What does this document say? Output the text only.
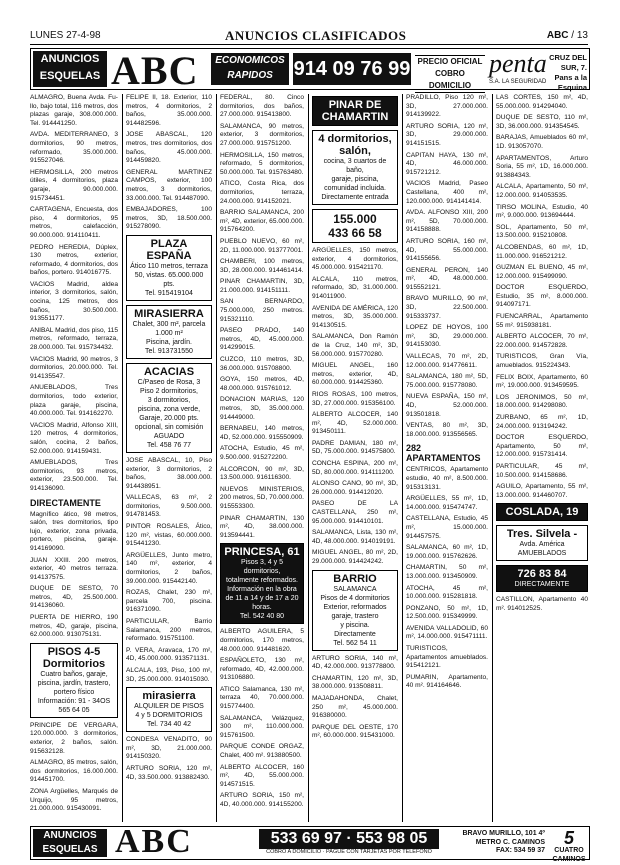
LUNES 27-4-98	ANUNCIOS CLASIFICADOS	ABC / 13
ANUNCIOS
ESQUELAS ABC	ECONOMICOS
RAPIDOS	914 09 76 99 PRECIO OFICIAL
COBRO DOMICILIO
penta
S.A. LA SEGURIDAD
CRUZ DEL SUR, 7.
Pans a la Esquina
ALMAGRO, Buena Avda. Fu- llo, bajo total, 116 metros, dos plazas garaje, 308.000.000. Tel. 914441250.
AVDA. MEDITERRANEO, 3 dormitorios, 90 metros, reformado, 35.000.000. 915527046.
HERMOSILLA, 200 metros útiles, 4 dormitorios, plaza garaje, 90.000.000. 915734451.
CARTAGENA, Encuesta, dos piso, 4 dormitorios, 95 metros, calefacción, 90.000.000. 914110411.
PEDRO HEREDIA, Dúplex, 130 metros, exterior, reformado, 4 dormitorios, dos baños, portero. 914016775.
VACIOS Madrid, aldea interior, 3 dormitorios, salón, cocina, 125 metros, dos baños, 30.500.000. 913551177.
ANIBAL Madrid, dos piso, 115 metros, reformado, terraza, 28.000.000. Tel. 915734432.
VACIOS Madrid, 90 metros, 3 dormitorios, 20.000.000. Tel. 914135547.
ANUEBLADOS, Tres dormitorios, todo exterior, plaza garaje, piscina, 40.000.000. Tel. 914162270.
VACIOS Madrid, Alfonso XIII, 120 metros, 4 dormitorios, salón, cocina, 2 baños, 52.000.000. 914159431.
AMUEBLADOS, Tres dormitorios, 93 metros, exterior, 23.500.000. Tel. 914136090.
DIRECTAMENTE
Magnífico ático, 98 metros, salón, tres dormitorios, tipo lujo, exterior, zona privada, portero, piscina, garaje. 914169090.
JUAN XXIII. 200 metros, exterior, 40 metros terraza. 914137575.
DUQUE DE SESTO, 70 metros, 4D, 25.500.000. 914136060.
PUERTA DE HIERRO, 190 metros, 4D, garaje, piscina, 62.000.000. 913075131.
PISOS 4-5 Dormitorios
Cuatro baños, garaje, piscina, jardín, trastero, portero físico
Información: 91 - 34OS
565 64 05
PRINCIPE DE VERGARA, 120.000.000. 3 dormitorios, exterior, 2 baños, salón. 915632128.
ALMAGRO, 85 metros, salón, dos dormitorios, 16.000.000. 914451700.
ZONA Argüelles, Marqués de Urquijo, 95 metros, 21.000.000. 915430091.
FELIPE II, 18. Exterior, 110 metros, 4 dormitorios, 2 baños, 35.000.000. 914482596.
JOSE ABASCAL, 120 metros, tres dormitorios, dos baños, 45.000.000. 914459820.
GENERAL MARTINEZ CAMPOS, exterior, 100 metros, 3 dormitorios, 33.000.000. Tel. 914487090.
EMBAJADORES, 100 metros, 3D, 18.500.000. 915278090.
PLAZA ESPAÑA
Ático 110 metros, terraza 50, vistas. 65.000.000 pts.
Tel. 915419104
MIRASIERRA
Chalet, 300 m², parcela 1.000 m²
Piscina, jardín.
Tel. 913731550
ACACIAS
C/Paseo de Rosa, 3
Piso 2 dormitorios,
3 dormitorios,
piscina, zona verde,
Garaje, 20.000 pts.
opcional, sin comisión
AGUADO
Tel. 458 76 77
JOSE ABASCAL, 10, Piso exterior, 3 dormitorios, 2 baños, 38.000.000. 914438951.
VALLECAS, 63 m², 2 dormitorios, 9.500.000. 914781453.
PINTOR ROSALES, Ático, 120 m², vistas, 60.000.000. 915441230.
ARGÜELLES, Junto metro, 140 m², exterior, 4 dormitorios, 2 baños, 39.000.000. 915442140.
ROZAS, Chalet, 230 m², parcela 700, piscina. 916371090.
PARTICULAR, Barrio Salamanca, 200 metros, reformado. 915751100.
P. VERA, Aravaca, 170 m², 4D, 45.000.000. 913571131.
ALCALA, 193, Piso, 100 m², 3D, 25.000.000. 914015030.
mirasierra
ALQUILER DE PISOS
4 y 5 DORMITORIOS
Tel. 734 40 42
CONDESA VENADITO, 90 m², 3D, 21.000.000. 914150320.
ARTURO SORIA, 120 m², 4D, 33.500.000. 913882430.
FEDERAL, 80. Cinco dormitorios, dos baños, 27.000.000. 915413800.
SALAMANCA, 90 metros, exterior, 3 dormitorios, 27.000.000. 915751200.
HERMOSILLA, 150 metros, reformado, 5 dormitorios, 50.000.000. Tel. 915763480.
ATICO, Costa Rica, dos dormitorios, terraza, 24.000.000. 914152021.
BARRIO SALAMANCA, 200 m², 4D, exterior, 65.000.000. 915764200.
PUEBLO NUEVO, 60 m², 2D, 11.000.000. 913777001.
CHAMBERI, 100 metros, 3D, 28.000.000. 914461414.
PINAR CHAMARTIN, 3D, 21.000.000. 914151111.
SAN BERNARDO, 75.000.000, 250 metros. 915321110.
PASEO PRADO, 140 metros, 4D, 45.000.000. 914299015.
CUZCO, 110 metros, 3D, 36.000.000. 915708800.
GOYA, 150 metros, 4D, 48.000.000. 915761012.
DONACION MARIAS, 120 metros, 3D, 35.000.000. 914449000.
BERNABEU, 140 metros, 4D, 52.000.000. 915550909.
ATOCHA, Estudio, 45 m², 9.500.000. 915272200.
ALCORCON, 90 m², 3D, 13.500.000. 916116300.
NUEVOS MINISTERIOS, 200 metros, 5D, 70.000.000. 915553300.
PINAR CHAMARTIN, 130 m², 4D, 38.000.000. 913594441.
PRINCESA, 61
Pisos 3, 4 y 5 dormitorios,
totalmente reformados.
Información en la obra
de 11 a 14 y de 17 a 20 horas.
Tel. 542 40 80
ALBERTO AGUILERA, 5 dormitorios, 170 metros, 48.000.000. 914481620.
ESPAÑOLETO, 130 m², reformado, 4D, 42.000.000. 913106880.
ATICO Salamanca, 130 m², terraza 40, 70.000.000. 915774400.
SALAMANCA, Velázquez, 300 m², 110.000.000. 915761500.
PARQUE CONDE ORGAZ, Chalet, 400 m². 913880500.
ALBERTO ALCOCER, 160 m², 4D, 55.000.000. 914571515.
ARTURO SORIA, 150 m², 4D, 40.000.000. 914155200.
PINAR DE CHAMARTIN
4 dormitorios, salón,
cocina, 3 cuartos de baño,
garaje, piscina,
comunidad incluida.
Directamente entrada
155.000
433 66 58
ARGÜELLES, 150 metros, exterior, 4 dormitorios, 45.000.000. 915421170.
ALCALA, 110 metros, reformado, 3D, 31.000.000. 914011900.
AVENIDA DE AMÉRICA, 120 metros, 3D, 35.000.000. 914130515.
SALAMANCA, Don Ramón de la Cruz, 140 m², 3D, 56.000.000. 915770280.
MIGUEL ANGEL, 160 metros, exterior, 4D, 60.000.000. 914425360.
RIOS ROSAS, 100 metros, 3D, 27.000.000. 915356100.
ALBERTO ALCOCER, 140 m², 4D, 52.000.000. 913450111.
PADRE DAMIAN, 180 m², 5D, 75.000.000. 914575800.
CONCHA ESPINA, 200 m², 5D, 80.000.000. 914111200.
ALONSO CANO, 90 m², 3D, 26.000.000. 914412020.
PASEO DE LA CASTELLANA, 250 m², 95.000.000. 914410101.
SALAMANCA, Lista, 130 m², 4D, 48.000.000. 914019191.
MIGUEL ANGEL, 80 m², 2D, 29.000.000. 914424242.
BARRIO
SALAMANCA
Pisos de 4 dormitorios
Exterior, reformados
garaje, trastero
y piscina.
Directamente
Tel. 562 54 11
ARTURO SORIA, 140 m², 4D, 42.000.000. 913778800.
CHAMARTIN, 120 m², 3D, 38.000.000. 913508811.
MAJADAHONDA, Chalet, 250 m², 45.000.000. 916380000.
PARQUE DEL OESTE, 170 m², 60.000.000. 915431000.
PRADILLO, Piso 120 m², 3D, 27.000.000. 914139922.
ARTURO SORIA, 120 m², 3D, 29.000.000. 914151515.
CAPITAN HAYA, 130 m², 4D, 46.000.000. 915721212.
VACIOS Madrid, Paseo Castellana, 400 m², 120.000.000. 914141414.
AVDA. ALFONSO XIII, 200 m², 5D, 70.000.000. 914158888.
ARTURO SORIA, 160 m², 4D, 55.000.000. 914155656.
GENERAL PERON, 140 m², 4D, 48.000.000. 915552121.
BRAVO MURILLO, 90 m², 3D, 22.500.000. 915333737.
LOPEZ DE HOYOS, 100 m², 3D, 29.000.000. 914153030.
VALLECAS, 70 m², 2D, 12.000.000. 914776611.
SALAMANCA, 180 m², 5D, 75.000.000. 915778080.
NUEVA ESPAÑA, 150 m², 4D, 52.000.000. 913501818.
VENTAS, 80 m², 3D, 18.000.000. 913556565.
282 APARTAMENTOS
CENTRICOS, Apartamento estudio, 40 m², 8.500.000. 915313131.
ARGÜELLES, 55 m², 1D, 14.000.000. 915474747.
CASTELLANA, Estudio, 45 m², 15.000.000. 914457575.
SALAMANCA, 60 m², 1D, 19.000.000. 915762626.
CHAMARTIN, 50 m², 13.000.000. 913450909.
ATOCHA, 45 m², 10.000.000. 915281818.
PONZANO, 50 m², 1D, 12.500.000. 915349999.
AVENIDA VALLADOLID, 60 m², 14.000.000. 915471111.
TURISTICOS, Apartamentos amueblados. 915412121.
PUMARIN, Apartamento, 40 m². 914164646.
LAS CORTES, 150 m², 4D, 55.000.000. 914294040.
DUQUE DE SESTO, 110 m², 3D, 36.000.000. 914354545.
BARAJAS, Amueblados 60 m², 1D. 913057070.
APARTAMENTOS, Arturo Soria, 55 m², 1D, 16.000.000. 913884343.
ALCALA, Apartamento, 50 m², 12.000.000. 914053535.
TIRSO MOLINA, Estudio, 40 m², 9.000.000. 913694444.
SOL, Apartamento, 50 m², 13.500.000. 915210808.
ALCOBENDAS, 60 m², 1D, 11.000.000. 916521212.
GUZMAN EL BUENO, 45 m², 12.000.000. 915499090.
DOCTOR ESQUERDO, Estudio, 35 m², 8.000.000. 914097171.
FUENCARRAL, Apartamento 55 m². 915938181.
ALBERTO ALCOCER, 70 m², 22.000.000. 914572828.
TURISTICOS, Gran Vía, amueblados. 915224343.
FELIX BOIX, Apartamento, 60 m², 19.000.000. 913459595.
LOS JERONIMOS, 50 m², 18.000.000. 914298080.
ZURBANO, 65 m², 1D, 24.000.000. 913194242.
DOCTOR ESQUERDO, Apartamento, 50 m², 12.000.000. 915731414.
PARTICULAR, 45 m², 10.500.000. 914158686.
AGUILO, Apartamento, 55 m², 13.000.000. 914460707.
COSLADA, 19
Tres. Silvela -
Avda. América
AMUEBLADOS
726 83 84
DIRECTAMENTE
CASTILLON, Apartamento 40 m². 914012525.
ANUNCIOS
ESQUELAS ABC	533 69 97 · 553 98 05
COBRO A DOMICILIO · PAGUE CON TARJETAS POR TELÉFONO
BRAVO MURILLO, 101 4º
METRO C. CAMINOS
FAX: 534 59 37
5
CUATRO
CAMINOS
